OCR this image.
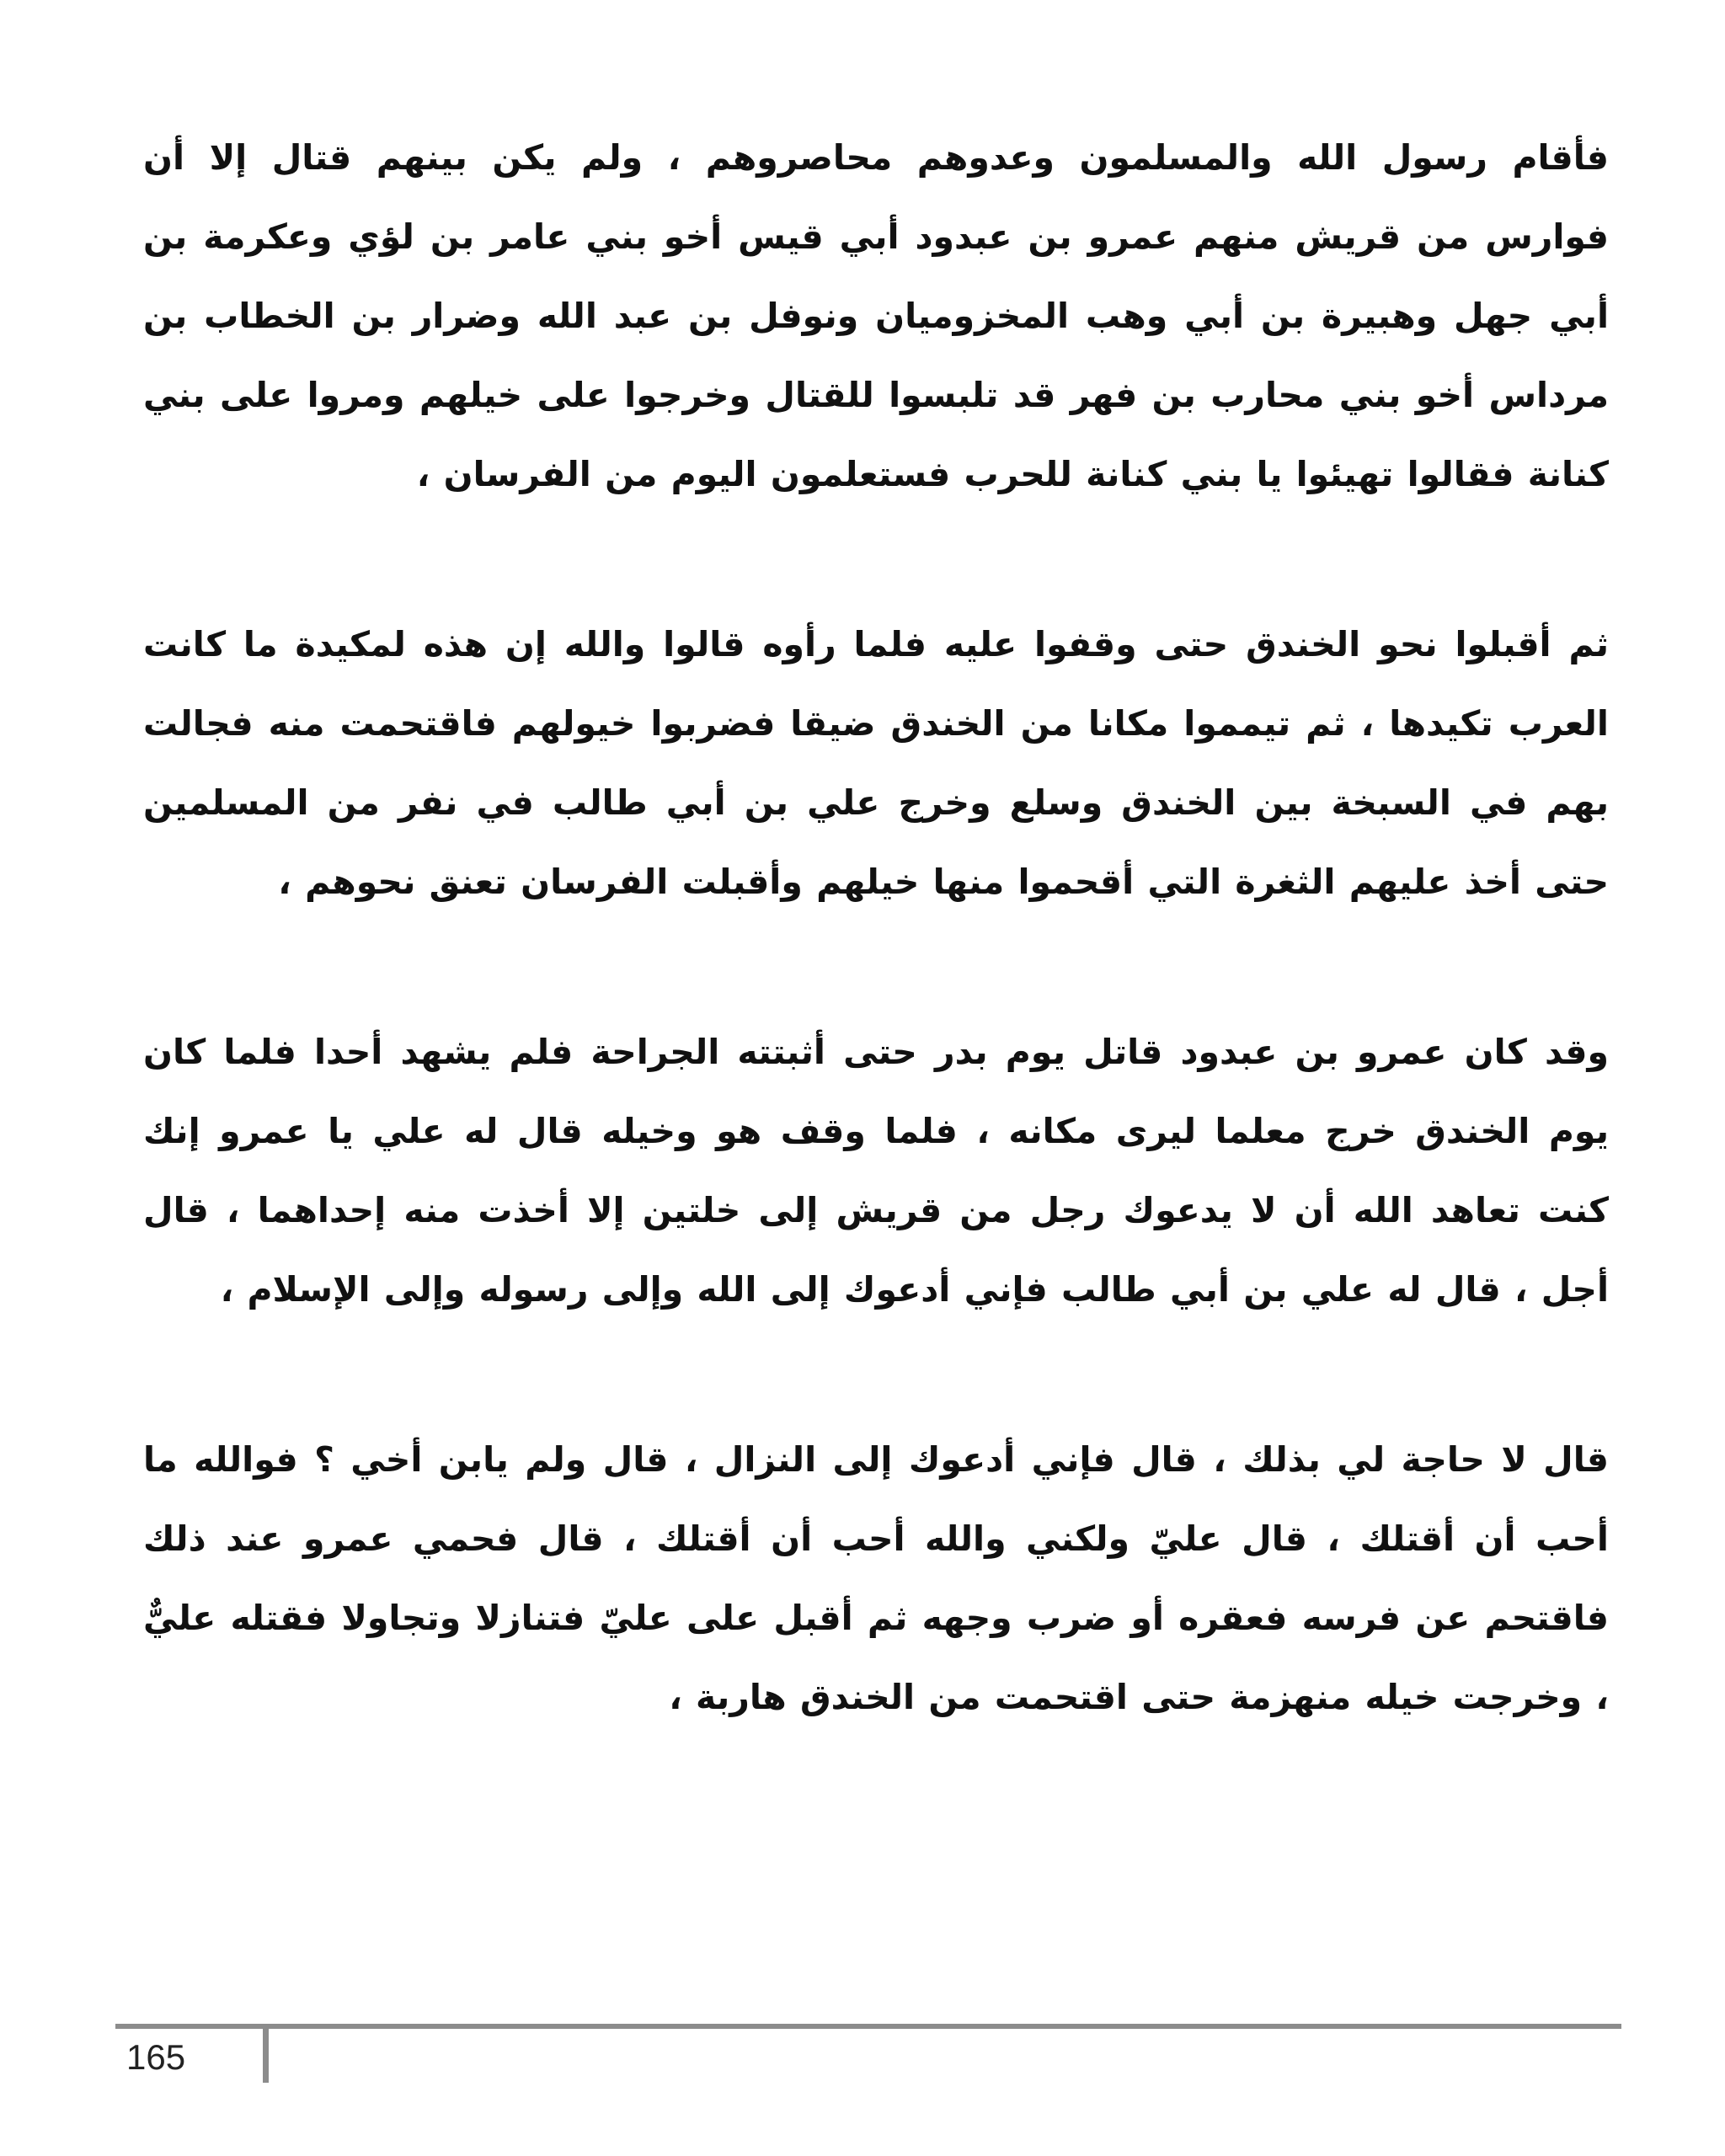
فأقام رسول الله والمسلمون وعدوهم محاصروهم ، ولم يكن بينهم قتال إلا أن فوارس من قريش منهم عمرو بن عبدود أبي قيس أخو بني عامر بن لؤي وعكرمة بن أبي جهل وهبيرة بن أبي وهب المخزوميان ونوفل بن عبد الله وضرار بن الخطاب بن مرداس أخو بني محارب بن فهر قد تلبسوا للقتال وخرجوا على خيلهم ومروا على بني كنانة فقالوا تهيئوا يا بني كنانة للحرب فستعلمون اليوم من الفرسان ،

ثم أقبلوا نحو الخندق حتى وقفوا عليه فلما رأوه قالوا والله إن هذه لمكيدة ما كانت العرب تكيدها ، ثم تيمموا مكانا من الخندق ضيقا فضربوا خيولهم فاقتحمت منه فجالت بهم في السبخة بين الخندق وسلع وخرج علي بن أبي طالب في نفر من المسلمين حتى أخذ عليهم الثغرة التي أقحموا منها خيلهم وأقبلت الفرسان تعنق نحوهم ،

وقد كان عمرو بن عبدود قاتل يوم بدر حتى أثبتته الجراحة فلم يشهد أحدا فلما كان يوم الخندق خرج معلما ليرى مكانه ، فلما وقف هو وخيله قال له علي يا عمرو إنك كنت تعاهد الله أن لا يدعوك رجل من قريش إلى خلتين إلا أخذت منه إحداهما ، قال أجل ، قال له علي بن أبي طالب فإني أدعوك إلى الله وإلى رسوله وإلى الإسلام ،

قال لا حاجة لي بذلك ، قال فإني أدعوك إلى النزال ، قال ولم يابن أخي ؟ فوالله ما أحب أن أقتلك ، قال عليّ ولكني والله أحب أن أقتلك ، قال فحمي عمرو عند ذلك فاقتحم عن فرسه فعقره أو ضرب وجهه ثم أقبل على عليّ فتنازلا وتجاولا فقتله عليٌّ ، وخرجت خيله منهزمة حتى اقتحمت من الخندق هاربة ،

165
